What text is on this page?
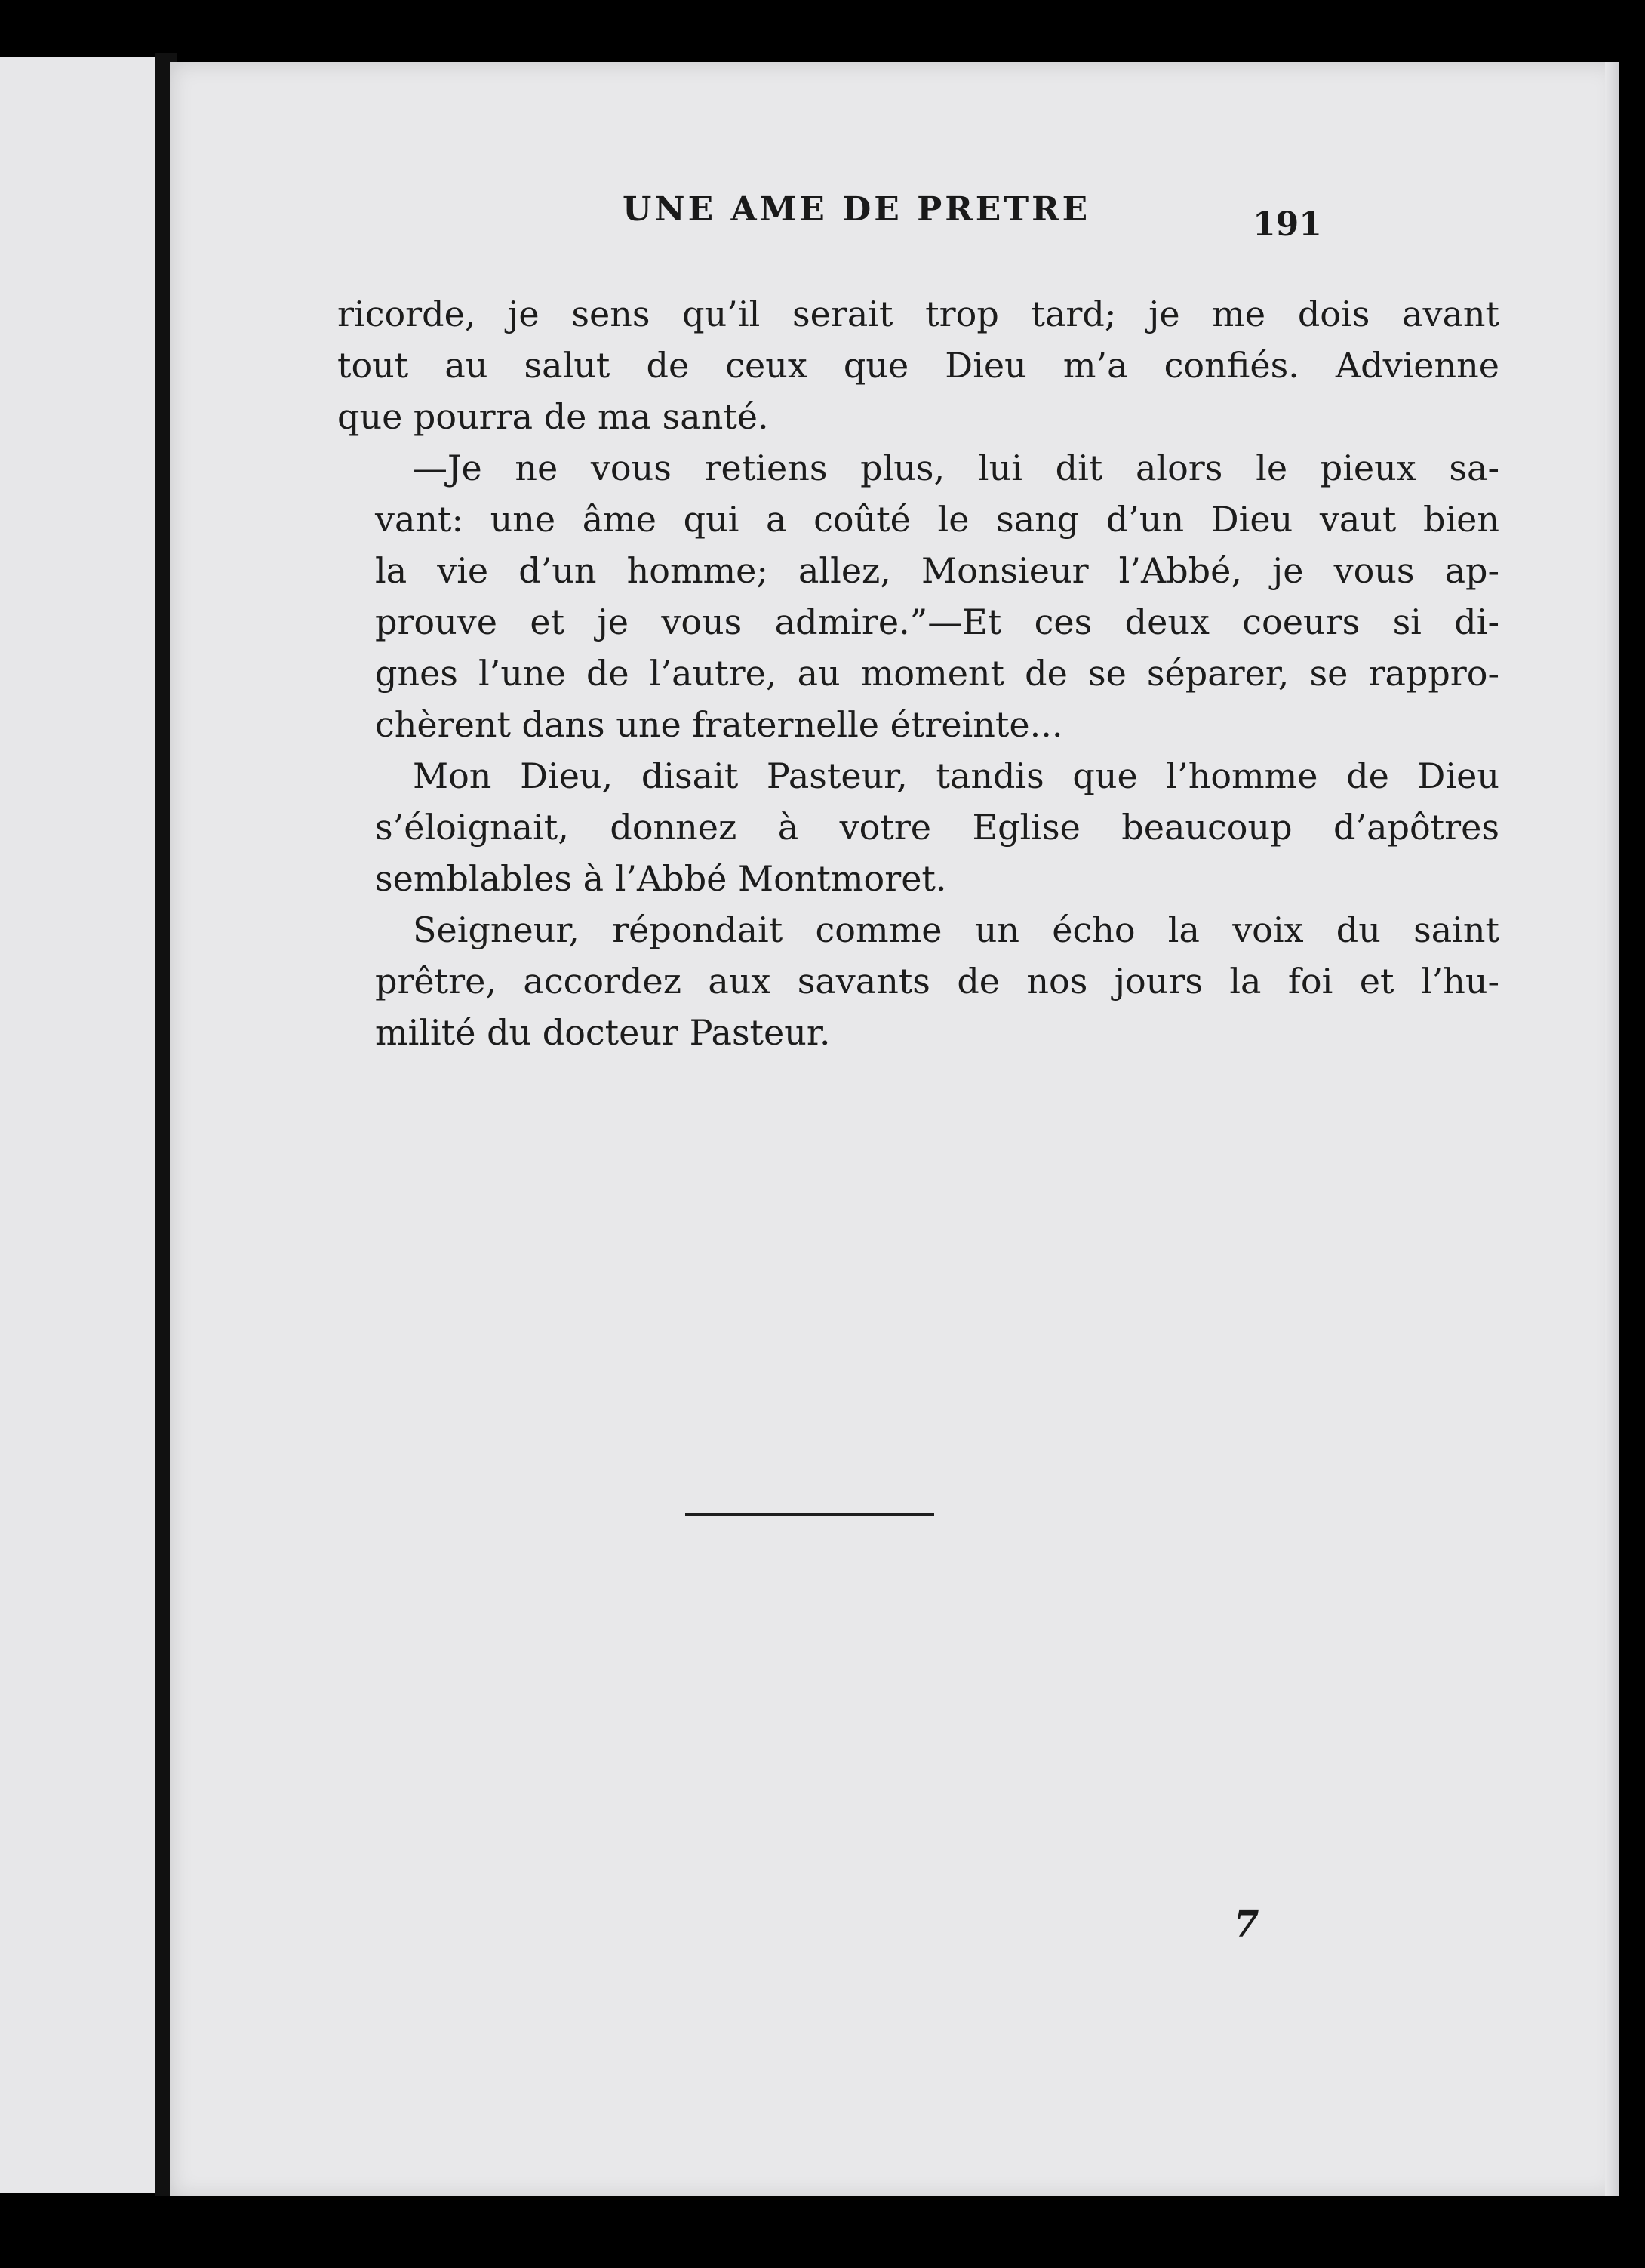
UNE AME DE PRETRE	191

ricorde, je sens qu’il serait trop tard; je me dois avant
tout au salut de ceux que Dieu m’a confiés. Advienne
que pourra de ma santé.

—Je ne vous retiens plus, lui dit alors le pieux sa-
vant: une âme qui a coûté le sang d’un Dieu vaut bien
la vie d’un homme; allez, Monsieur l’Abbé, je vous ap-
prouve et je vous admire.”—Et ces deux coeurs si di-
gnes l’une de l’autre, au moment de se séparer, se rappro-
chèrent dans une fraternelle étreinte...

Mon Dieu, disait Pasteur, tandis que l’homme de Dieu
s’éloignait, donnez à votre Eglise beaucoup d’apôtres
semblables à l’Abbé Montmoret.

Seigneur, répondait comme un écho la voix du saint
prêtre, accordez aux savants de nos jours la foi et l’hu-
milité du docteur Pasteur.

7
